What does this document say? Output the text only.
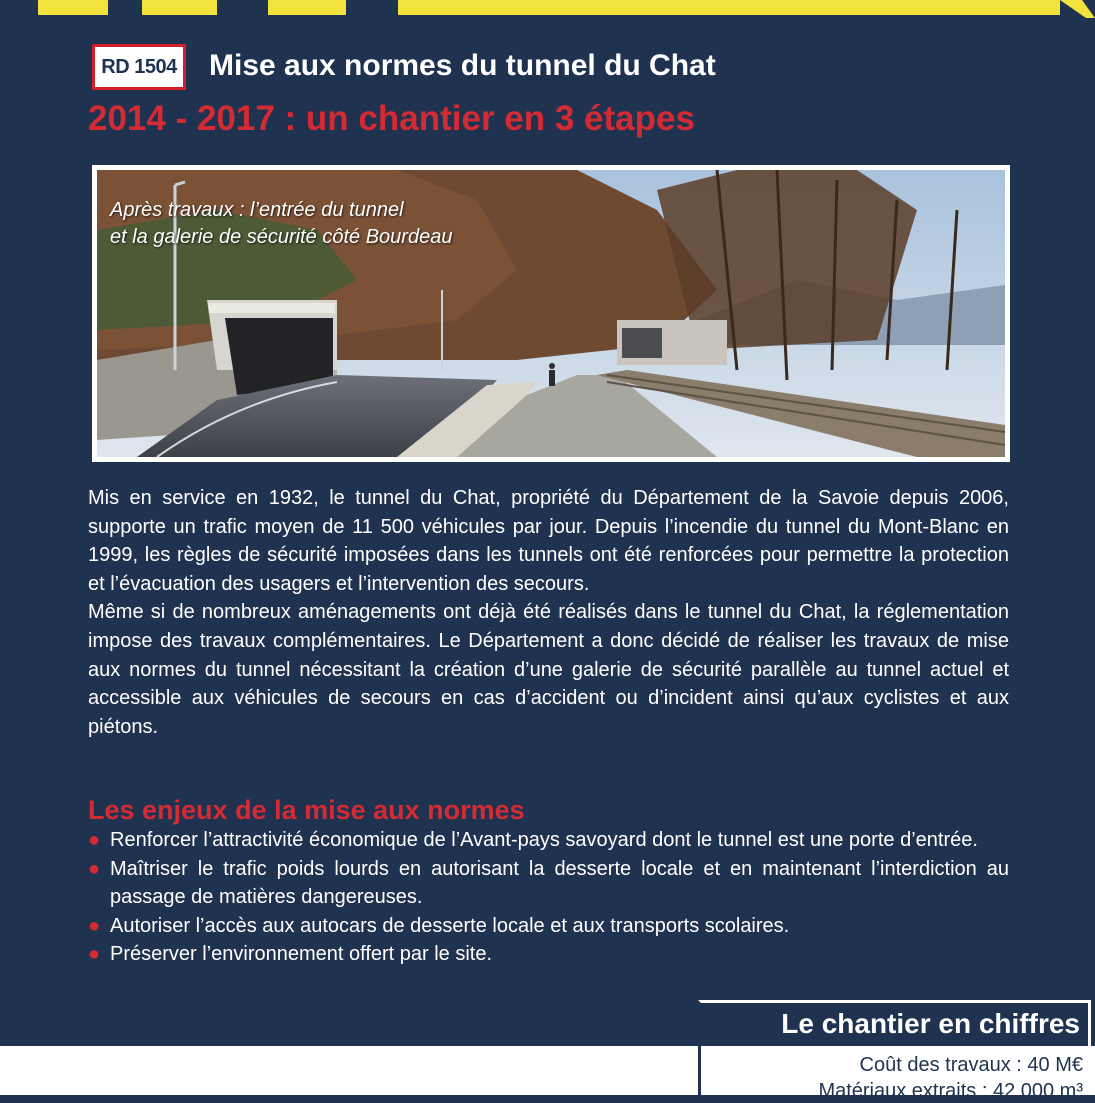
RD 1504	Mise aux normes du tunnel du Chat
2014 - 2017 : un chantier en 3 étapes
Après travaux : l’entrée du tunnel
et la galerie de sécurité côté Bourdeau

Mis en service en 1932, le tunnel du Chat, propriété du Département de la Savoie depuis 2006, supporte un trafic moyen de 11 500 véhicules par jour. Depuis l’incendie du tunnel du Mont-Blanc en 1999, les règles de sécurité imposées dans les tunnels ont été renforcées pour permettre la protection et l’évacuation des usagers et l’intervention des secours.

Même si de nombreux aménagements ont déjà été réalisés dans le tunnel du Chat, la réglementation impose des travaux complémentaires. Le Département a donc décidé de réaliser les travaux de mise aux normes du tunnel nécessitant la création d’une galerie de sécurité parallèle au tunnel actuel et accessible aux véhicules de secours en cas d’accident ou d’incident ainsi qu’aux cyclistes et aux piétons.

Les enjeux de la mise aux normes
● Renforcer l’attractivité économique de l’Avant-pays savoyard dont le tunnel est une porte d’entrée.
● Maîtriser le trafic poids lourds en autorisant la desserte locale et en maintenant l’interdiction au passage de matières dangereuses.
● Autoriser l’accès aux autocars de desserte locale et aux transports scolaires.
● Préserver l’environnement offert par le site.
Le chantier en chiffres
Coût des travaux : 40 M€
Matériaux extraits : 42 000 m³
